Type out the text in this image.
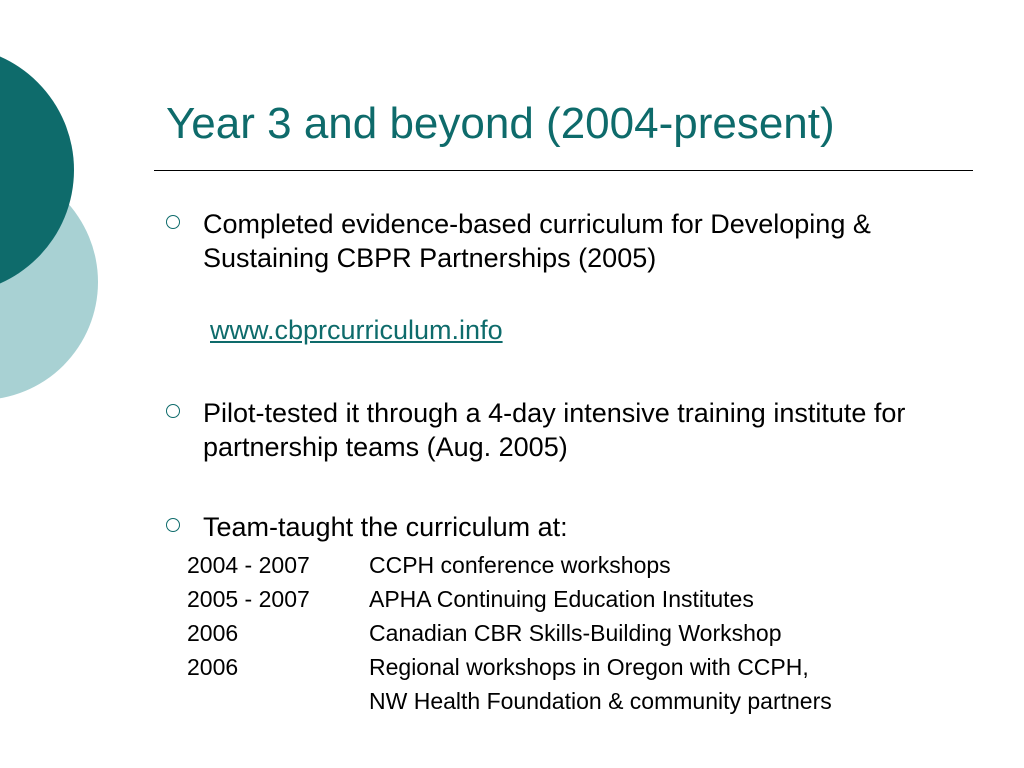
Year 3 and beyond (2004-present)
Completed evidence-based curriculum for Developing & Sustaining CBPR Partnerships (2005)
www.cbprcurriculum.info
Pilot-tested it through a 4-day intensive training institute for partnership teams (Aug. 2005)
Team-taught the curriculum at:
2004 - 2007	CCPH conference workshops
2005 - 2007	APHA Continuing Education Institutes
2006	Canadian CBR Skills-Building Workshop
2006	Regional workshops in Oregon with CCPH,
NW Health Foundation & community partners
